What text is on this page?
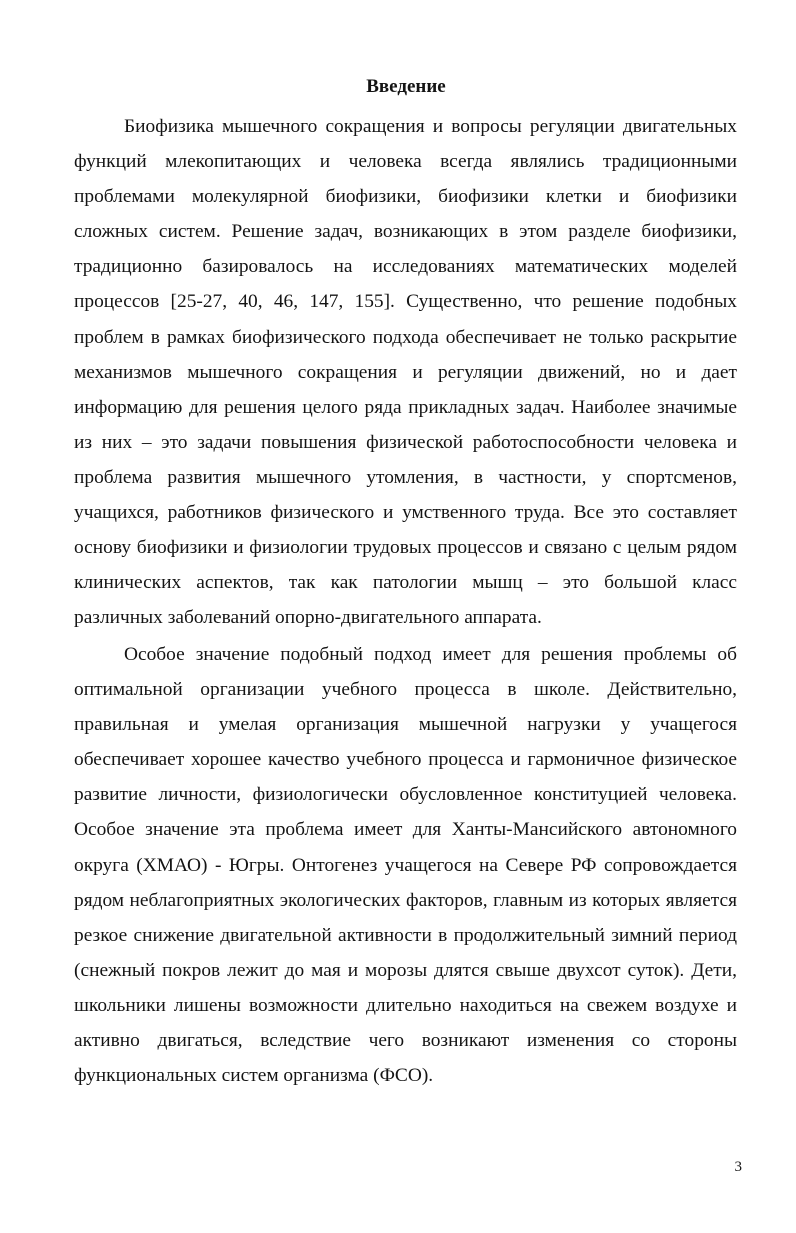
Введение

Биофизика мышечного сокращения и вопросы регуляции двигательных функций млекопитающих и человека всегда являлись традиционными проблемами молекулярной биофизики, биофизики клетки и биофизики сложных систем. Решение задач, возникающих в этом разделе биофизики, традиционно базировалось на исследованиях математических моделей процессов [25-27, 40, 46, 147, 155]. Существенно, что решение подобных проблем в рамках биофизического подхода обеспечивает не только раскрытие механизмов мышечного сокращения и регуляции движений, но и дает информацию для решения целого ряда прикладных задач. Наиболее значимые из них – это задачи повышения физической работоспособности человека и проблема развития мышечного утомления, в частности, у спортсменов, учащихся, работников физического и умственного труда. Все это составляет основу биофизики и физиологии трудовых процессов и связано с целым рядом клинических аспектов, так как патологии мышц – это большой класс различных заболеваний опорно-двигательного аппарата.

Особое значение подобный подход имеет для решения проблемы об оптимальной организации учебного процесса в школе. Действительно, правильная и умелая организация мышечной нагрузки у учащегося обеспечивает хорошее качество учебного процесса и гармоничное физическое развитие личности, физиологически обусловленное конституцией человека. Особое значение эта проблема имеет для Ханты-Мансийского автономного округа (ХМАО) - Югры. Онтогенез учащегося на Севере РФ сопровождается рядом неблагоприятных экологических факторов, главным из которых является резкое снижение двигательной активности в продолжительный зимний период (снежный покров лежит до мая и морозы длятся свыше двухсот суток). Дети, школьники лишены возможности длительно находиться на свежем воздухе и активно двигаться, вследствие чего возникают изменения со стороны функциональных систем организма (ФСО).

3
